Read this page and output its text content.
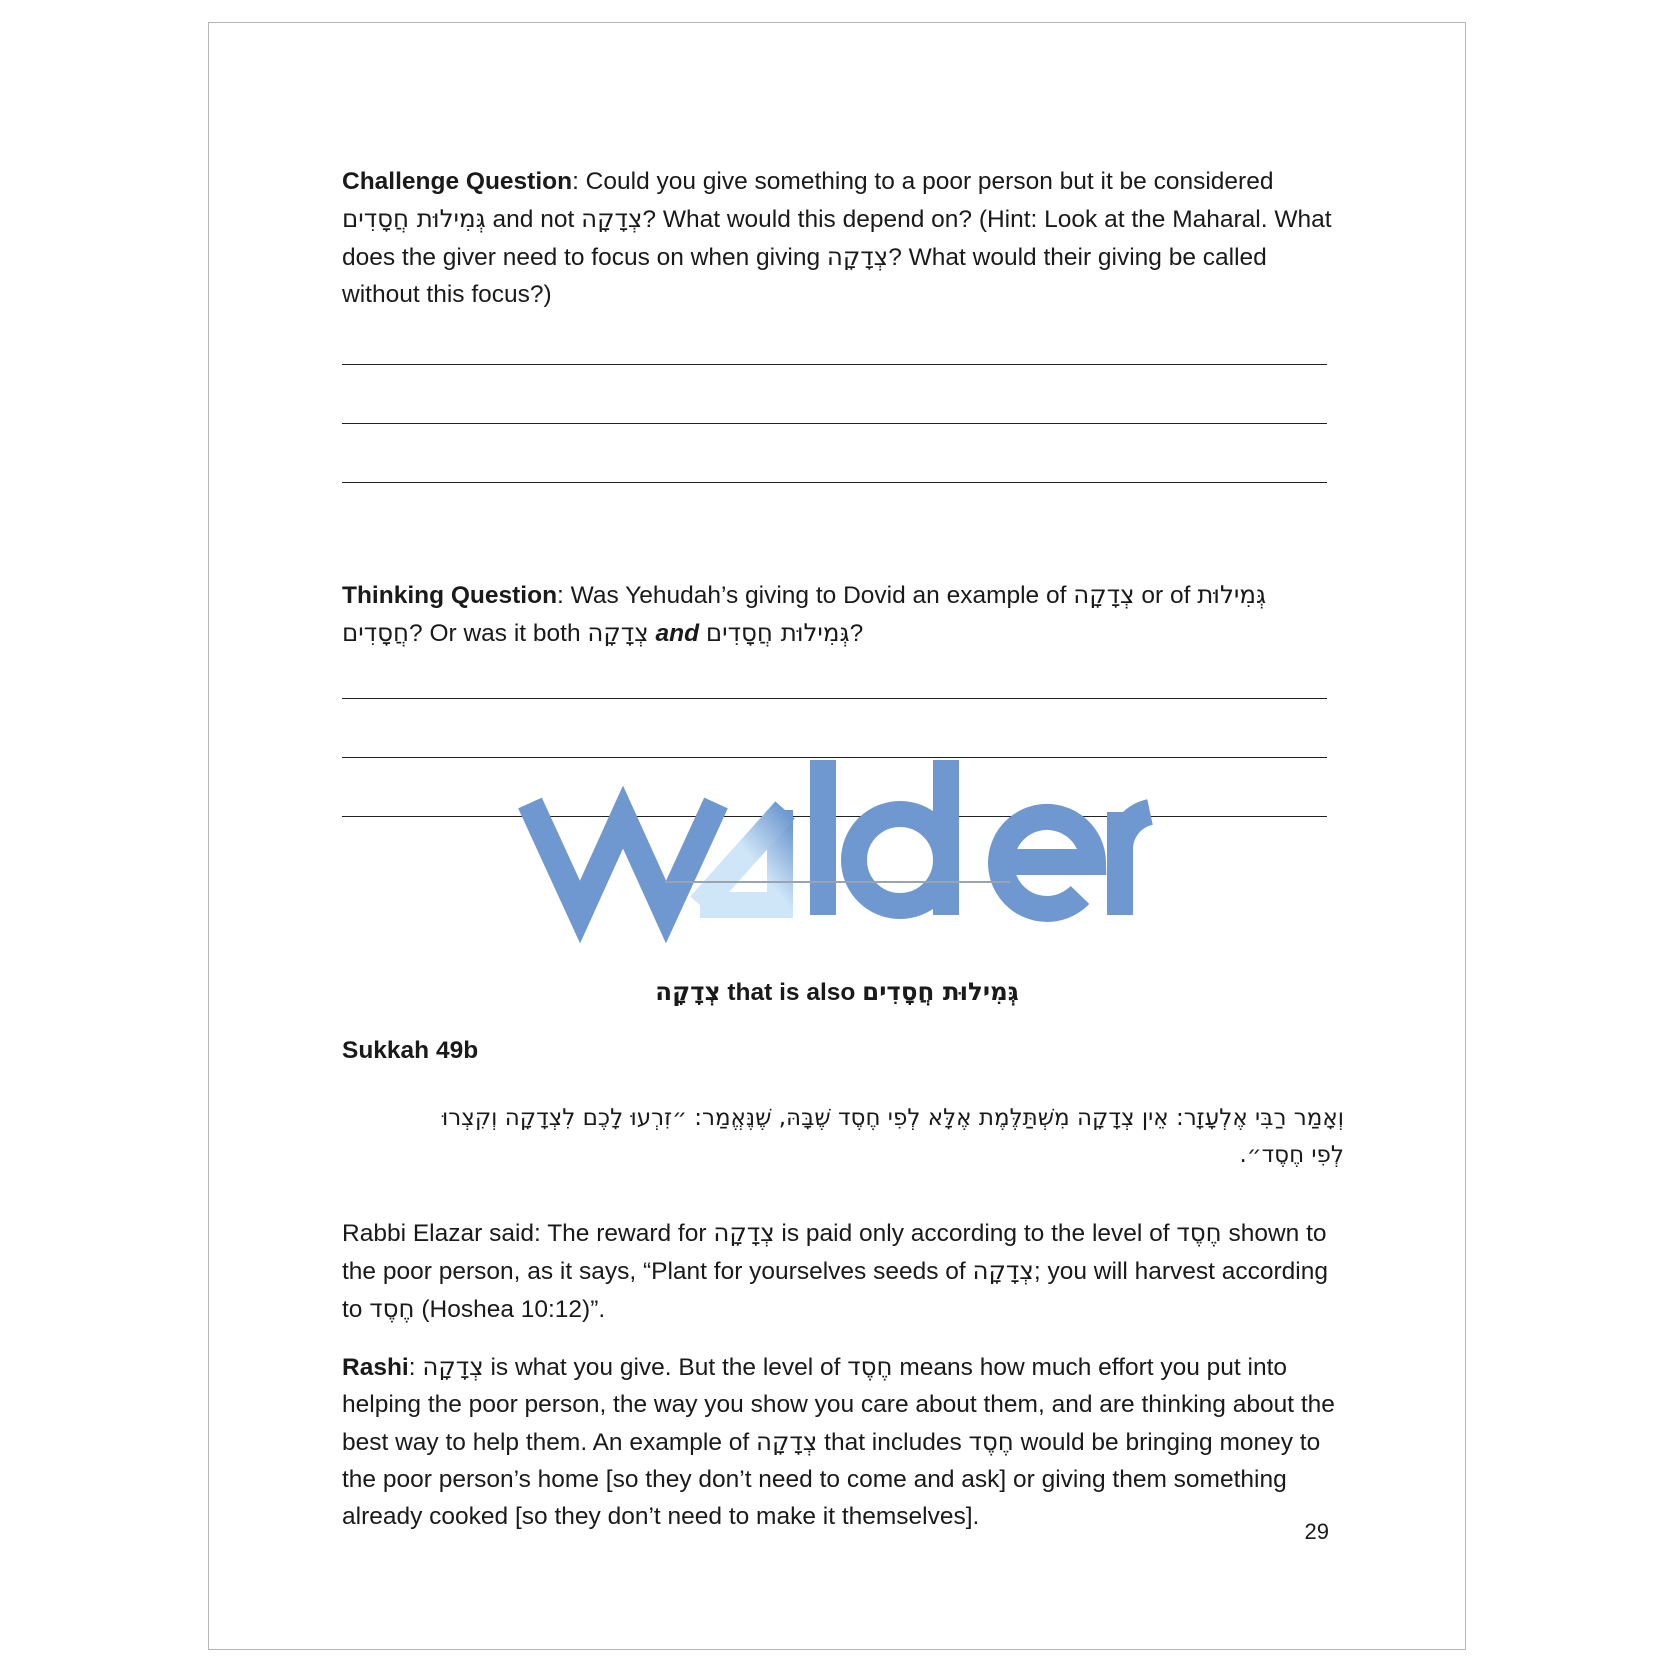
Challenge Question: Could you give something to a poor person but it be considered גְּמִילוּת חֲסָדִים and not צְדָקָה? What would this depend on? (Hint: Look at the Maharal. What does the giver need to focus on when giving צְדָקָה? What would their giving be called without this focus?)

Thinking Question: Was Yehudah’s giving to Dovid an example of צְדָקָה or of גְּמִילוּת חֲסָדִים? Or was it both צְדָקָה and גְּמִילוּת חֲסָדִים?

צְדָקָה that is also גְּמִילוּת חֲסָדִים
Sukkah 49b
וְאָמַר רַבִּי אֶלְעָזָר: אֵין צְדָקָה מִשְׁתַּלֶּמֶת אֶלָּא לְפִי חֶסֶד שֶׁבָּהּ, שֶׁנֶּאֱמַר: ״זִרְעוּ לָכֶם לִצְדָקָה וְקִצְרוּ לְפִי חֶסֶד״.

Rabbi Elazar said: The reward for צְדָקָה is paid only according to the level of חֶסֶד shown to the poor person, as it says, “Plant for yourselves seeds of צְדָקָה; you will harvest according to חֶסֶד (Hoshea 10:12)”.

Rashi: צְדָקָה is what you give. But the level of חֶסֶד means how much effort you put into helping the poor person, the way you show you care about them, and are thinking about the best way to help them. An example of צְדָקָה that includes חֶסֶד would be bringing money to the poor person’s home [so they don’t need to come and ask] or giving them something already cooked [so they don’t need to make it themselves].

29
walder
